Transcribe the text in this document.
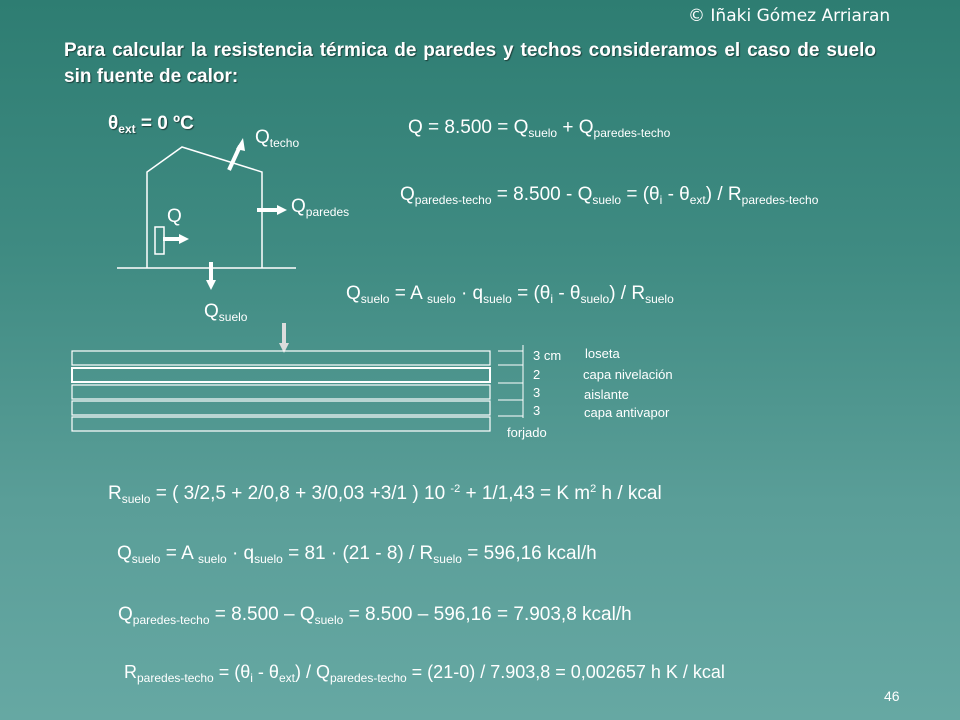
© Iñaki Gómez Arriaran
Para calcular la resistencia térmica de paredes y techos consideramos el caso de suelo sin fuente de calor:
$\theta_{ext} = 0$ ºC
$Q_{techo}$
$Q_{paredes}$
Q
$Q_{suelo}$
$Q = 8.500 = Q_{suelo} + Q_{paredes-techo}$
$Q_{paredes-techo} = 8.500 - Q_{suelo} = (\theta_i - \theta_{ext}) / R_{paredes-techo}$
$Q_{suelo} = A$ $_{suelo} \cdot q_{suelo} = (\theta_i - \theta_{suelo}) / R_{suelo}$
3 cm
2
3
3
forjado
loseta
capa nivelación
aislante
capa antivapor
$R_{suelo}$ = ( 3/2,5 + 2/0,8 + 3/0,03 +3/1 ) 10 $^{-2}$ + 1/1,43 = K $m^2$ h / kcal
$Q_{suelo} = A$ $_{suelo} \cdot q_{suelo} = 81 \cdot (21 - 8) / R_{suelo} = 596,16$ kcal/h
$Q_{paredes-techo} = 8.500 - Q_{suelo} = 8.500 - 596,16 = 7.903,8$ kcal/h
$R_{paredes-techo} = (\theta_i - \theta_{ext}) / Q_{paredes-techo} = (21-0) / 7.903,8 = 0,002657$ h K / kcal
46
